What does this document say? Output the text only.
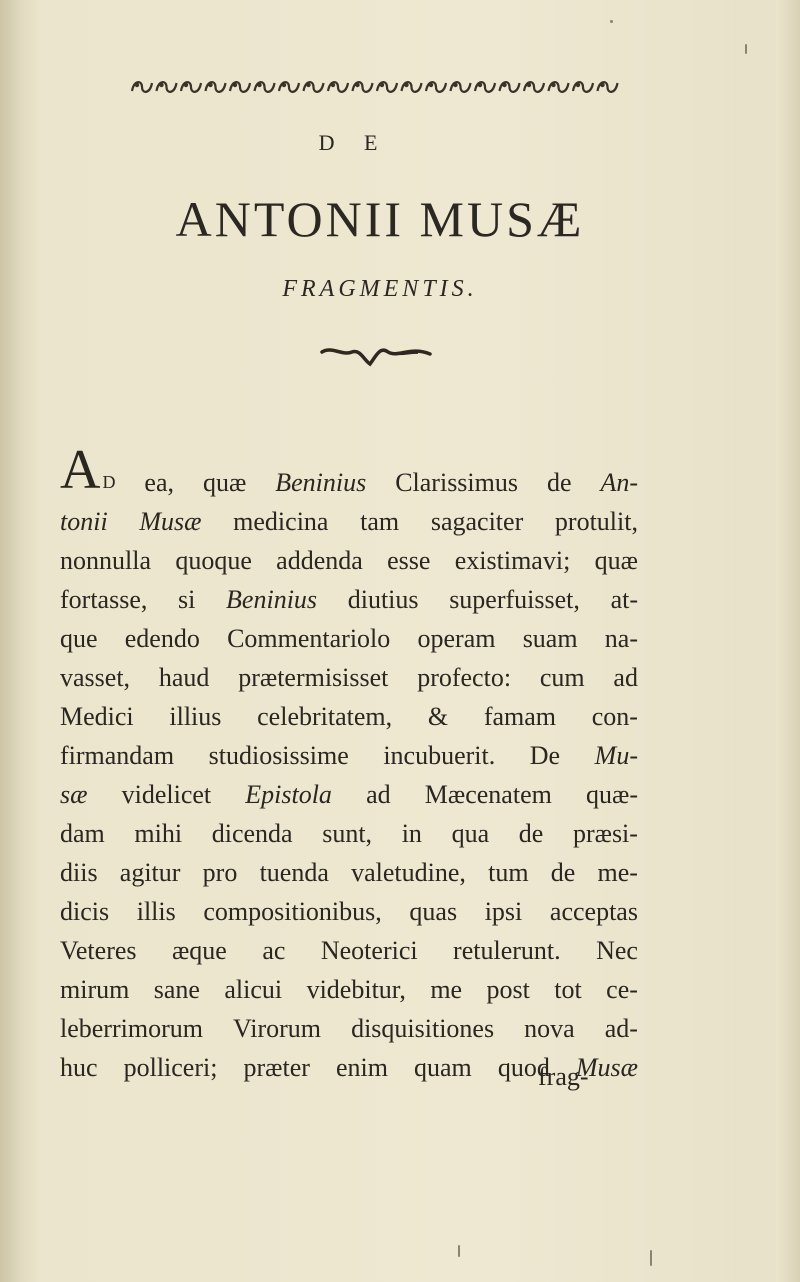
D E
ANTONII MUSÆ
FRAGMENTIS.
A D ea, quæ Beninius Clarissimus de An-
tonii Musæ medicina tam sagaciter protulit,
nonnulla quoque addenda esse existimavi; quæ
fortasse, si Beninius diutius superfuisset, at-
que edendo Commentariolo operam suam na-
vasset, haud prætermisisset profecto: cum ad
Medici illius celebritatem, & famam con-
firmandam studiosissime incubuerit. De Mu-
sæ videlicet Epistola ad Mæcenatem quæ-
dam mihi dicenda sunt, in qua de præsi-
diis agitur pro tuenda valetudine, tum de me-
dicis illis compositionibus, quas ipsi acceptas
Veteres æque ac Neoterici retulerunt. Nec
mirum sane alicui videbitur, me post tot ce-
leberrimorum Virorum disquisitiones nova ad-
huc polliceri; præter enim quam quod Musæ
frag-
